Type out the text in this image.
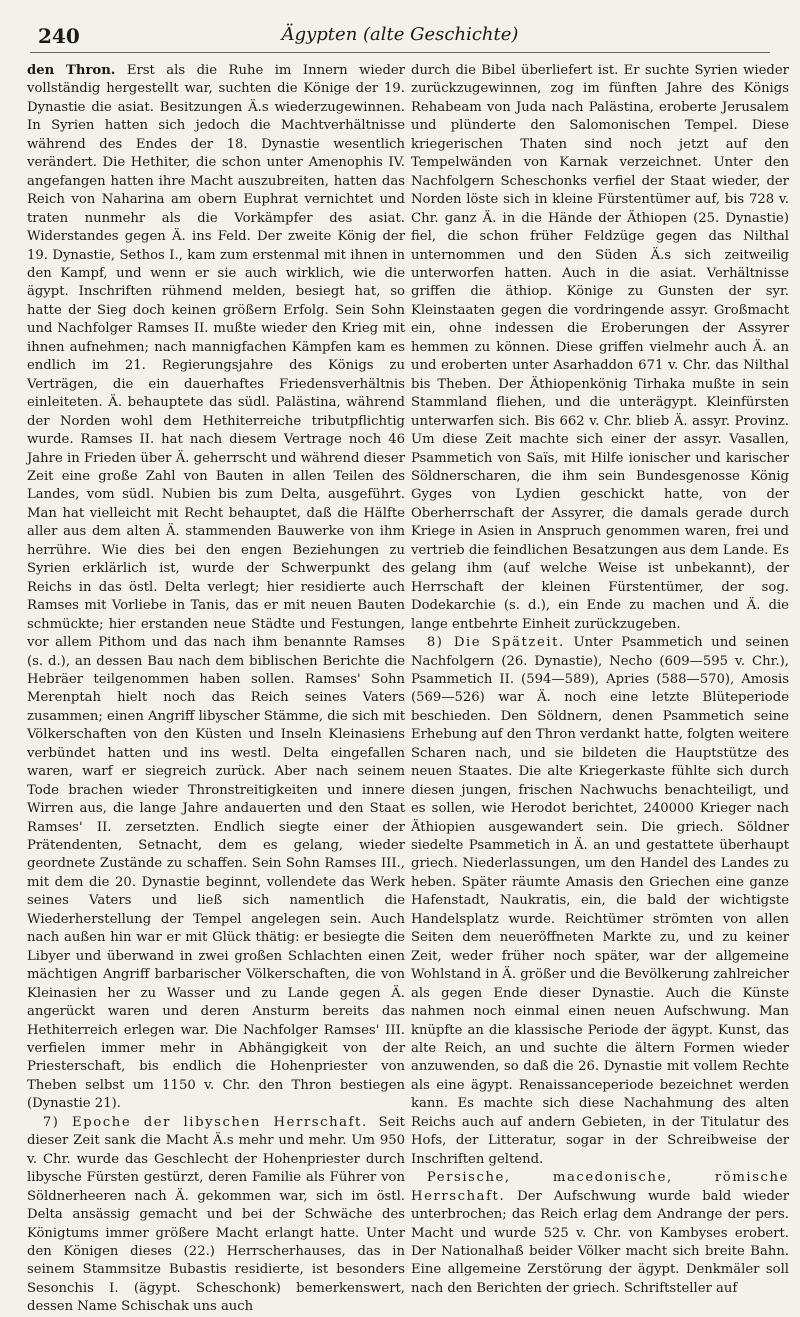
240	Ägypten (alte Geschichte)

den Thron. Erst als die Ruhe im Innern wieder vollständig hergestellt war, suchten die Könige der 19. Dynastie die asiat. Besitzungen Ä.s wiederzugewinnen. In Syrien hatten sich jedoch die Machtverhältnisse während des Endes der 18. Dynastie wesentlich verändert. Die Hethiter, die schon unter Amenophis IV. angefangen hatten ihre Macht auszubreiten, hatten das Reich von Naharina am obern Euphrat vernichtet und traten nunmehr als die Vorkämpfer des asiat. Widerstandes gegen Ä. ins Feld. Der zweite König der 19. Dynastie, Sethos I., kam zum erstenmal mit ihnen in den Kampf, und wenn er sie auch wirklich, wie die ägypt. Inschriften rühmend melden, besiegt hat, so hatte der Sieg doch keinen größern Erfolg. Sein Sohn und Nachfolger Ramses II. mußte wieder den Krieg mit ihnen aufnehmen; nach mannigfachen Kämpfen kam es endlich im 21. Regierungsjahre des Königs zu Verträgen, die ein dauerhaftes Friedensverhältnis einleiteten. Ä. behauptete das südl. Palästina, während der Norden wohl dem Hethiterreiche tributpflichtig wurde. Ramses II. hat nach diesem Vertrage noch 46 Jahre in Frieden über Ä. geherrscht und während dieser Zeit eine große Zahl von Bauten in allen Teilen des Landes, vom südl. Nubien bis zum Delta, ausgeführt. Man hat vielleicht mit Recht behauptet, daß die Hälfte aller aus dem alten Ä. stammenden Bauwerke von ihm herrühre. Wie dies bei den engen Beziehungen zu Syrien erklärlich ist, wurde der Schwerpunkt des Reichs in das östl. Delta verlegt; hier residierte auch Ramses mit Vorliebe in Tanis, das er mit neuen Bauten schmückte; hier erstanden neue Städte und Festungen, vor allem Pithom und das nach ihm benannte Ramses (s. d.), an dessen Bau nach dem biblischen Berichte die Hebräer teilgenommen haben sollen. Ramses' Sohn Merenptah hielt noch das Reich seines Vaters zusammen; einen Angriff libyscher Stämme, die sich mit Völkerschaften von den Küsten und Inseln Kleinasiens verbündet hatten und ins westl. Delta eingefallen waren, warf er siegreich zurück. Aber nach seinem Tode brachen wieder Thronstreitigkeiten und innere Wirren aus, die lange Jahre andauerten und den Staat Ramses' II. zersetzten. Endlich siegte einer der Prätendenten, Setnacht, dem es gelang, wieder geordnete Zustände zu schaffen. Sein Sohn Ramses III., mit dem die 20. Dynastie beginnt, vollendete das Werk seines Vaters und ließ sich namentlich die Wiederherstellung der Tempel angelegen sein. Auch nach außen hin war er mit Glück thätig: er besiegte die Libyer und überwand in zwei großen Schlachten einen mächtigen Angriff barbarischer Völkerschaften, die von Kleinasien her zu Wasser und zu Lande gegen Ä. angerückt waren und deren Ansturm bereits das Hethiterreich erlegen war. Die Nachfolger Ramses' III. verfielen immer mehr in Abhängigkeit von der Priesterschaft, bis endlich die Hohenpriester von Theben selbst um 1150 v. Chr. den Thron bestiegen (Dynastie 21).

7) Epoche der libyschen Herrschaft. Seit dieser Zeit sank die Macht Ä.s mehr und mehr. Um 950 v. Chr. wurde das Geschlecht der Hohenpriester durch libysche Fürsten gestürzt, deren Familie als Führer von Söldnerheeren nach Ä. gekommen war, sich im östl. Delta ansässig gemacht und bei der Schwäche des Königtums immer größere Macht erlangt hatte. Unter den Königen dieses (22.) Herrscherhauses, das in seinem Stammsitze Bubastis residierte, ist besonders Sesonchis I. (ägypt. Scheschonk) bemerkenswert, dessen Name Schischak uns auch

durch die Bibel überliefert ist. Er suchte Syrien wieder zurückzugewinnen, zog im fünften Jahre des Königs Rehabeam von Juda nach Palästina, eroberte Jerusalem und plünderte den Salomonischen Tempel. Diese kriegerischen Thaten sind noch jetzt auf den Tempelwänden von Karnak verzeichnet. Unter den Nachfolgern Scheschonks verfiel der Staat wieder, der Norden löste sich in kleine Fürstentümer auf, bis 728 v. Chr. ganz Ä. in die Hände der Äthiopen (25. Dynastie) fiel, die schon früher Feldzüge gegen das Nilthal unternommen und den Süden Ä.s sich zeitweilig unterworfen hatten. Auch in die asiat. Verhältnisse griffen die äthiop. Könige zu Gunsten der syr. Kleinstaaten gegen die vordringende assyr. Großmacht ein, ohne indessen die Eroberungen der Assyrer hemmen zu können. Diese griffen vielmehr auch Ä. an und eroberten unter Asarhaddon 671 v. Chr. das Nilthal bis Theben. Der Äthiopenkönig Tirhaka mußte in sein Stammland fliehen, und die unterägypt. Kleinfürsten unterwarfen sich. Bis 662 v. Chr. blieb Ä. assyr. Provinz. Um diese Zeit machte sich einer der assyr. Vasallen, Psammetich von Saïs, mit Hilfe ionischer und karischer Söldnerscharen, die ihm sein Bundesgenosse König Gyges von Lydien geschickt hatte, von der Oberherrschaft der Assyrer, die damals gerade durch Kriege in Asien in Anspruch genommen waren, frei und vertrieb die feindlichen Besatzungen aus dem Lande. Es gelang ihm (auf welche Weise ist unbekannt), der Herrschaft der kleinen Fürstentümer, der sog. Dodekarchie (s. d.), ein Ende zu machen und Ä. die lange entbehrte Einheit zurückzugeben.

8) Die Spätzeit. Unter Psammetich und seinen Nachfolgern (26. Dynastie), Necho (609—595 v. Chr.), Psammetich II. (594—589), Apries (588—570), Amosis (569—526) war Ä. noch eine letzte Blüteperiode beschieden. Den Söldnern, denen Psammetich seine Erhebung auf den Thron verdankt hatte, folgten weitere Scharen nach, und sie bildeten die Hauptstütze des neuen Staates. Die alte Kriegerkaste fühlte sich durch diesen jungen, frischen Nachwuchs benachteiligt, und es sollen, wie Herodot berichtet, 240000 Krieger nach Äthiopien ausgewandert sein. Die griech. Söldner siedelte Psammetich in Ä. an und gestattete überhaupt griech. Niederlassungen, um den Handel des Landes zu heben. Später räumte Amasis den Griechen eine ganze Hafenstadt, Naukratis, ein, die bald der wichtigste Handelsplatz wurde. Reichtümer strömten von allen Seiten dem neueröffneten Markte zu, und zu keiner Zeit, weder früher noch später, war der allgemeine Wohlstand in Ä. größer und die Bevölkerung zahlreicher als gegen Ende dieser Dynastie. Auch die Künste nahmen noch einmal einen neuen Aufschwung. Man knüpfte an die klassische Periode der ägypt. Kunst, das alte Reich, an und suchte die ältern Formen wieder anzuwenden, so daß die 26. Dynastie mit vollem Rechte als eine ägypt. Renaissanceperiode bezeichnet werden kann. Es machte sich diese Nachahmung des alten Reichs auch auf andern Gebieten, in der Titulatur des Hofs, der Litteratur, sogar in der Schreibweise der Inschriften geltend.

Persische, macedonische, römische Herrschaft. Der Aufschwung wurde bald wieder unterbrochen; das Reich erlag dem Andrange der pers. Macht und wurde 525 v. Chr. von Kambyses erobert. Der Nationalhaß beider Völker macht sich breite Bahn. Eine allgemeine Zerstörung der ägypt. Denkmäler soll nach den Berichten der griech. Schriftsteller auf
